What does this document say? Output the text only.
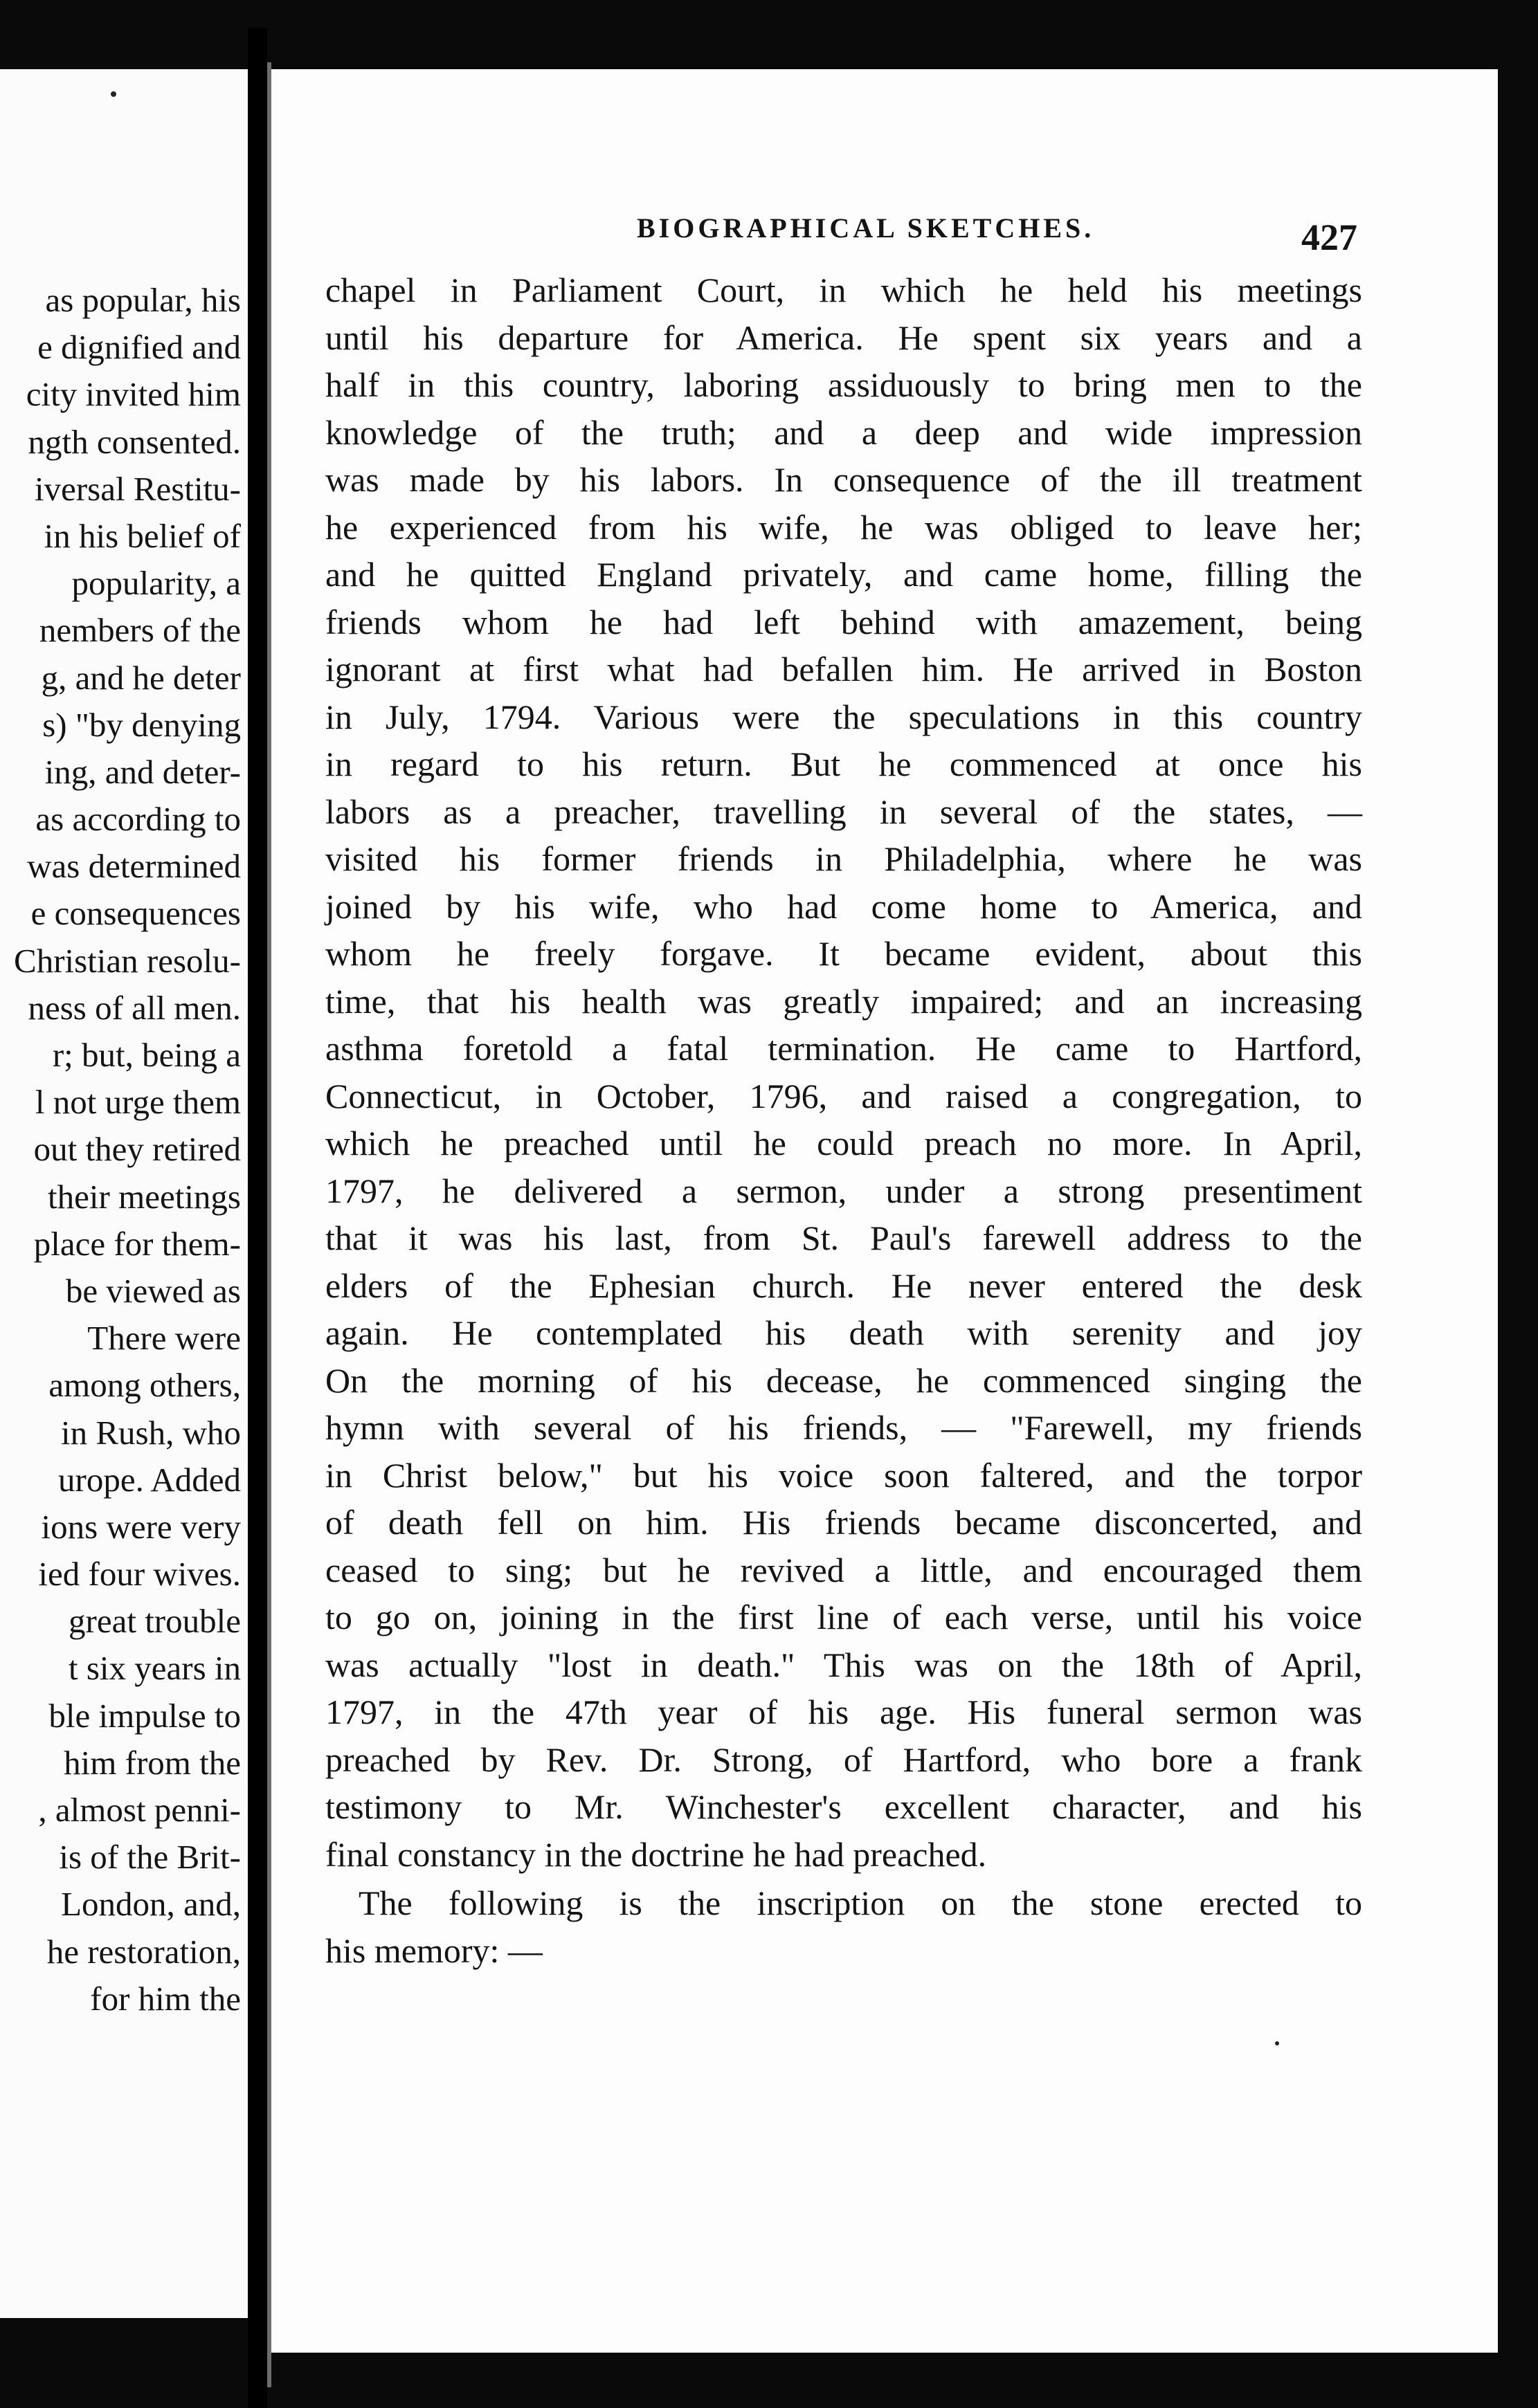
as popular, his
e dignified and
city invited him
ngth consented.
iversal Restitu-
in his belief of
popularity, a
nembers of the
g, and he deter
s) "by denying
ing, and deter-
as according to
was determined
e consequences
Christian resolu-
ness of all men.
r; but, being a
l not urge them
out they retired
their meetings
place for them-
be viewed as
There were
among others,
in Rush, who
urope. Added
ions were very
ied four wives.
great trouble
t six years in
ble impulse to
him from the
, almost penni-
is of the Brit-
London, and,
he restoration,
for him the
BIOGRAPHICAL SKETCHES.	427
chapel in Parliament Court, in which he held his meetings
until his departure for America. He spent six years and a
half in this country, laboring assiduously to bring men to the
knowledge of the truth; and a deep and wide impression
was made by his labors. In consequence of the ill treatment
he experienced from his wife, he was obliged to leave her;
and he quitted England privately, and came home, filling the
friends whom he had left behind with amazement, being
ignorant at first what had befallen him. He arrived in Boston
in July, 1794. Various were the speculations in this country
in regard to his return. But he commenced at once his
labors as a preacher, travelling in several of the states, —
visited his former friends in Philadelphia, where he was
joined by his wife, who had come home to America, and
whom he freely forgave. It became evident, about this
time, that his health was greatly impaired; and an increasing
asthma foretold a fatal termination. He came to Hartford,
Connecticut, in October, 1796, and raised a congregation, to
which he preached until he could preach no more. In April,
1797, he delivered a sermon, under a strong presentiment
that it was his last, from St. Paul's farewell address to the
elders of the Ephesian church. He never entered the desk
again. He contemplated his death with serenity and joy
On the morning of his decease, he commenced singing the
hymn with several of his friends, — "Farewell, my friends
in Christ below," but his voice soon faltered, and the torpor
of death fell on him. His friends became disconcerted, and
ceased to sing; but he revived a little, and encouraged them
to go on, joining in the first line of each verse, until his voice
was actually "lost in death." This was on the 18th of April,
1797, in the 47th year of his age. His funeral sermon was
preached by Rev. Dr. Strong, of Hartford, who bore a frank
testimony to Mr. Winchester's excellent character, and his
final constancy in the doctrine he had preached.
The following is the inscription on the stone erected to
his memory: —
